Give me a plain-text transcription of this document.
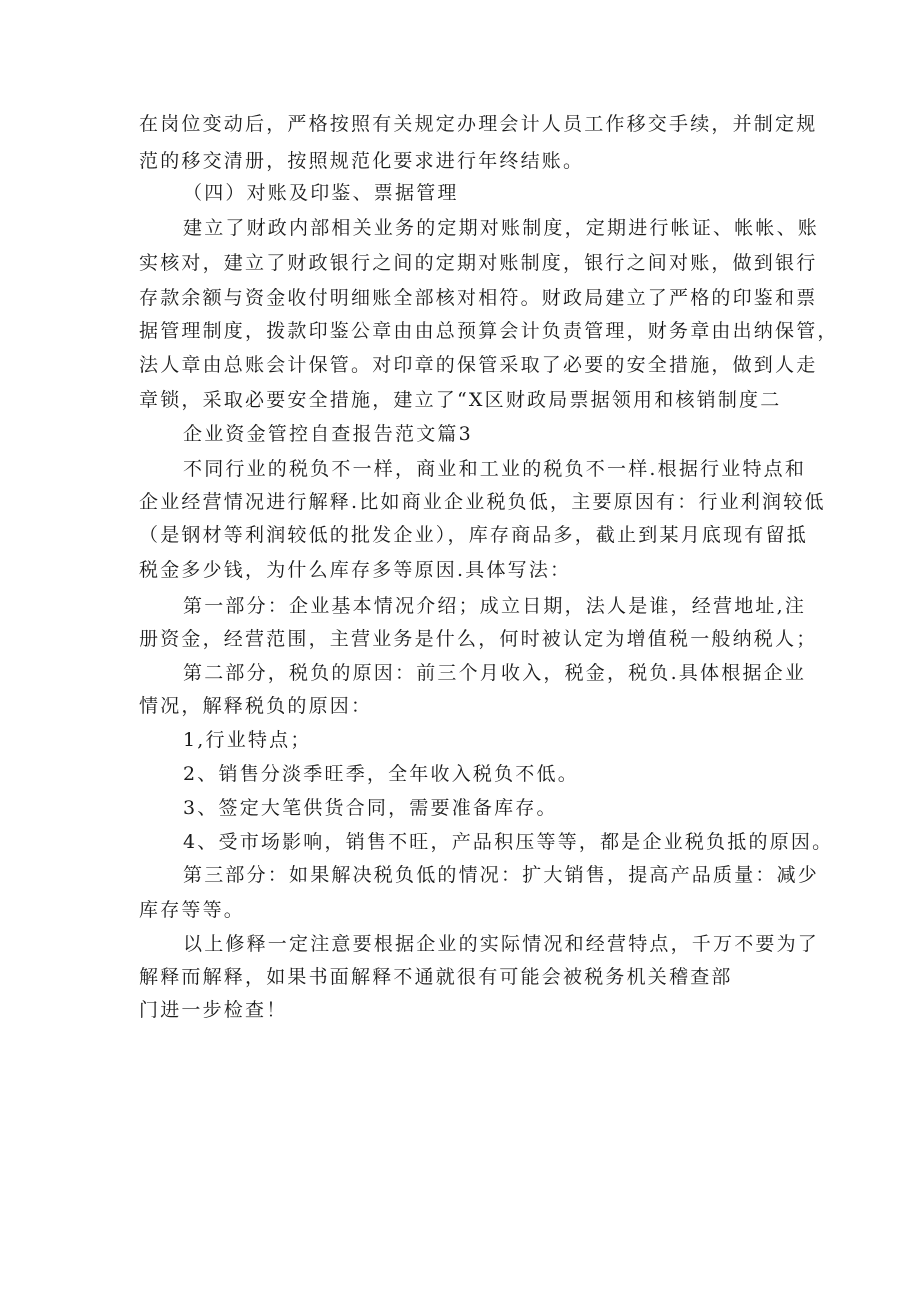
在岗位变动后，严格按照有关规定办理会计人员工作移交手续，并制定规
范的移交清册，按照规范化要求进行年终结账。
（四）对账及印鉴、票据管理
建立了财政内部相关业务的定期对账制度，定期进行帐证、帐帐、账
实核对，建立了财政银行之间的定期对账制度，银行之间对账，做到银行
存款余额与资金收付明细账全部核对相符。财政局建立了严格的印鉴和票
据管理制度，拨款印鉴公章由由总预算会计负责管理，财务章由出纳保管，
法人章由总账会计保管。对印章的保管采取了必要的安全措施，做到人走
章锁，采取必要安全措施，建立了“X区财政局票据领用和核销制度二
企业资金管控自查报告范文篇3
不同行业的税负不一样，商业和工业的税负不一样.根据行业特点和
企业经营情况进行解释.比如商业企业税负低，主要原因有：行业利润较低
（是钢材等利润较低的批发企业），库存商品多，截止到某月底现有留抵
税金多少钱，为什么库存多等原因.具体写法：
第一部分：企业基本情况介绍；成立日期，法人是谁，经营地址,注
册资金，经营范围，主营业务是什么，何时被认定为增值税一般纳税人；
第二部分，税负的原因：前三个月收入，税金，税负.具体根据企业
情况，解释税负的原因：
1,行业特点；
2、销售分淡季旺季，全年收入税负不低。
3、签定大笔供货合同，需要准备库存。
4、受市场影响，销售不旺，产品积压等等，都是企业税负抵的原因。
第三部分：如果解决税负低的情况：扩大销售，提高产品质量：减少
库存等等。
以上修释一定注意要根据企业的实际情况和经营特点，千万不要为了
解释而解释，如果书面解释不通就很有可能会被税务机关稽查部
门进一步检查！
